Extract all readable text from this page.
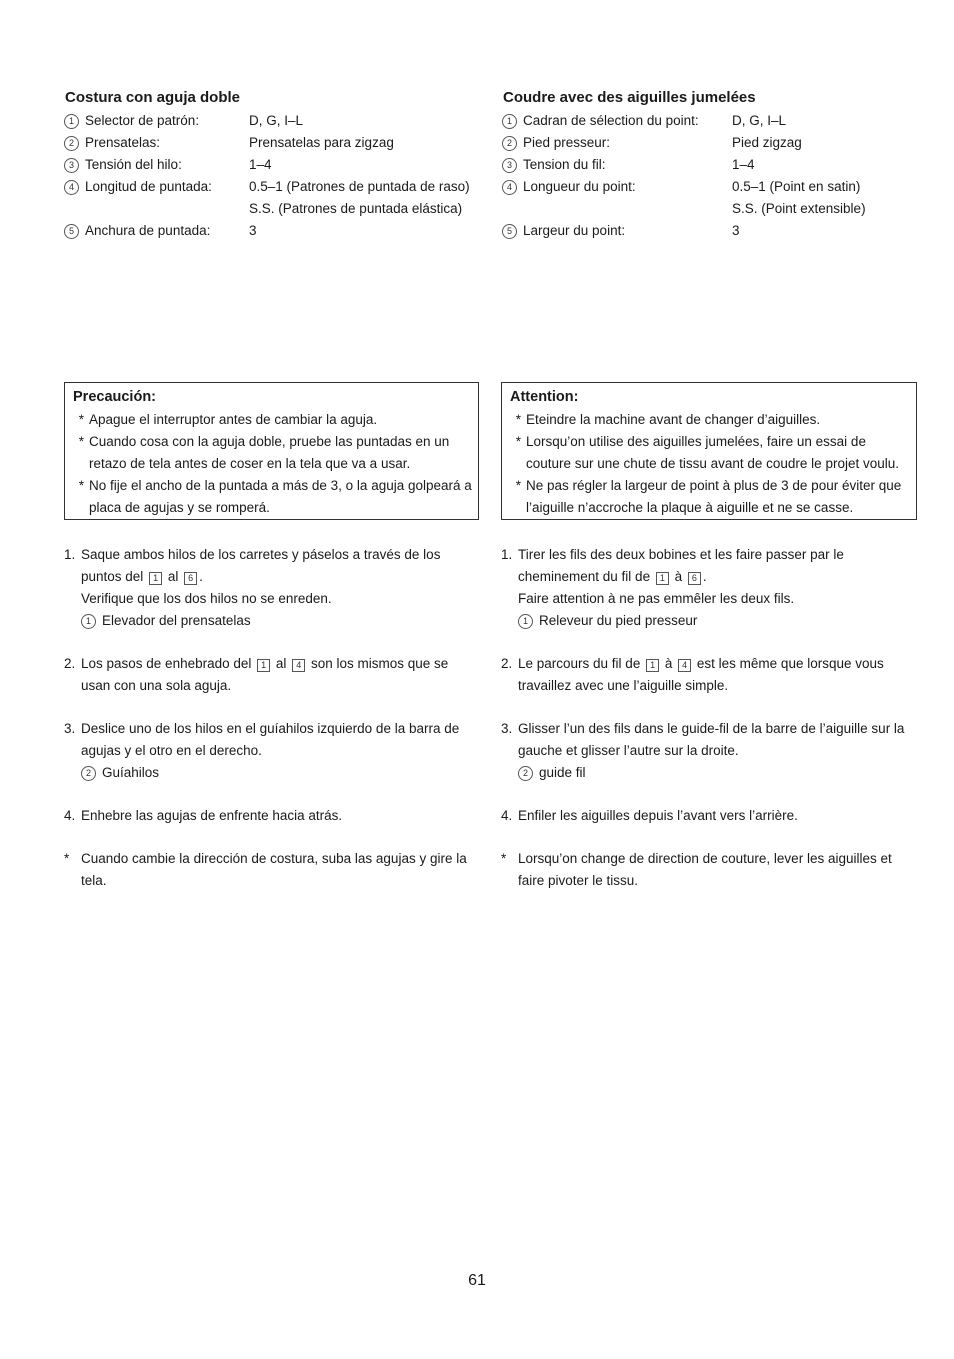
Costura con aguja doble
1 Selector de patrón:	D, G, I–L
2 Prensatelas:	Prensatelas para zigzag
3 Tensión del hilo:	1–4
4 Longitud de puntada:	0.5–1 (Patrones de puntada de raso)
S.S. (Patrones de puntada elástica)
5 Anchura de puntada:	3
Coudre avec des aiguilles jumelées
1 Cadran de sélection du point:	D, G, I–L
2 Pied presseur:	Pied zigzag
3 Tension du fil:	1–4
4 Longueur du point:	0.5–1 (Point en satin)
S.S. (Point extensible)
5 Largeur du point:	3
Precaución:
* Apague el interruptor antes de cambiar la aguja.
* Cuando cosa con la aguja doble, pruebe las puntadas en un retazo de tela antes de coser en la tela que va a usar.
* No fije el ancho de la puntada a más de 3, o la aguja golpeará a placa de agujas y se romperá.
Attention:
* Eteindre la machine avant de changer d’aiguilles.
* Lorsqu’on utilise des aiguilles jumelées, faire un essai de couture sur une chute de tissu avant de coudre le projet voulu.
* Ne pas régler la largeur de point à plus de 3 de pour éviter que l’aiguille n’accroche la plaque à aiguille et ne se casse.
1. Saque ambos hilos de los carretes y páselos a través de los puntos del 1 al 6 .
Verifique que los dos hilos no se enreden.
1 Elevador del prensatelas
2. Los pasos de enhebrado del 1 al 4 son los mismos que se usan con una sola aguja.
3. Deslice uno de los hilos en el guíahilos izquierdo de la barra de agujas y el otro en el derecho.
2 Guíahilos
4. Enhebre las agujas de enfrente hacia atrás.
* Cuando cambie la dirección de costura, suba las agujas y gire la tela.
1. Tirer les fils des deux bobines et les faire passer par le cheminement du fil de 1 à 6 .
Faire attention à ne pas emmêler les deux fils.
1 Releveur du pied presseur
2. Le parcours du fil de 1 à 4 est les même que lorsque vous travaillez avec une l’aiguille simple.
3. Glisser l’un des fils dans le guide-fil de la barre de l’aiguille sur la gauche et glisser l’autre sur la droite.
2 guide fil
4. Enfiler les aiguilles depuis l’avant vers l’arrière.
* Lorsqu’on change de direction de couture, lever les aiguilles et faire pivoter le tissu.
61
